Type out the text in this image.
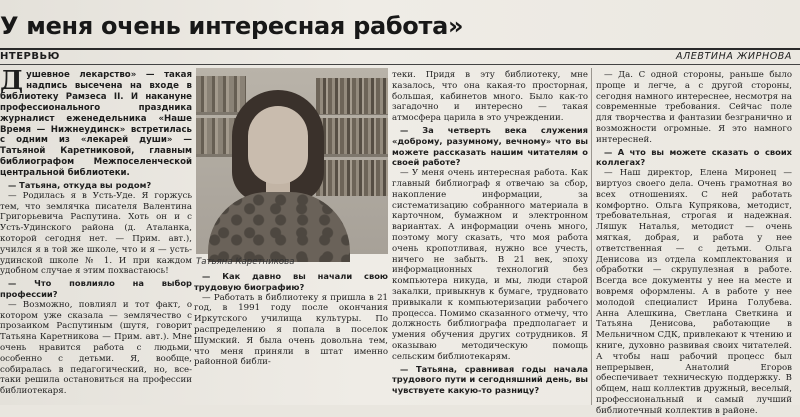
У меня очень интересная работа»
НТЕРВЬЮ	АЛЕВТИНА ЖИРНОВА
Д ушевное лекарство» — такая надпись высечена на входе в библиотеку Рамзеса II. И накануне профессионального праздника журналист еженедельника «Наше Время — Нижнеудинск» встретилась с одним из «лекарей души» — Татьяной Каретниковой, главным библиографом Межпоселенческой центральной библиотеки.

— Татьяна, откуда вы родом?

— Родилась я в Усть-Уде. Я горжусь тем, что землячка писателя Валентина Григорьевича Распутина. Хоть он и с Усть-Удинского района (д. Аталанка, которой сегодня нет. — Прим. авт.), учился я в той же школе, что и я — усть-удинской школе № 1. И при каждом удобном случае я этим похвастаюсь!

— Что повлияло на выбор профессии?

— Возможно, повлиял и тот факт, о котором уже сказала — землячество с прозаиком Распутиным (шутя, говорит Татьяна Каретникова — Прим. авт.). Мне очень нравится работа с людьми, особенно с детьми. Я, вообще, собиралась в педагогический, но, все-таки решила остановиться на профессии библиотекаря.

Татьяна Каретникова

— Как давно вы начали свою трудовую биографию?

— Работать в библиотеку я пришла в 21 год, в 1991 году после окончания Иркутского училища культуры. По распределению я попала в поселок Шумский. Я была очень довольна тем, что меня приняли в штат именно районной библи-

теки. Придя в эту библиотеку, мне казалось, что она какая-то просторная, большая, кабинетов много. Было как-то загадочно и интересно — такая атмосфера царила в это учреждении.

— За четверть века служения «доброму, разумному, вечному» что вы можете рассказать нашим читателям о своей работе?

— У меня очень интересная работа. Как главный библиограф я отвечаю за сбор, накопление информации, за систематизацию собранного материала в карточном, бумажном и электронном вариантах. А информации очень много, поэтому могу сказать, что моя работа очень кропотливая, нужно все учесть, ничего не забыть. В 21 век, эпоху информационных технологий без компьютера никуда, и мы, люди старой закалки, привыкнув к бумаге, трудновато привыкали к компьютеризации рабочего процесса. Помимо сказанного отмечу, что должность библиографа предполагает и умения обучения других сотрудников. Я оказываю методическую помощь сельским библиотекарям.

— Татьяна, сравнивая годы начала трудового пути и сегодняшний день, вы чувствуете какую-то разницу?

— Да. С одной стороны, раньше было проще и легче, а с другой стороны, сегодня намного интереснее, несмотря на современные требования. Сейчас поле для творчества и фантазии безгранично и возможности огромные. Я это намного интересней.

— А что вы можете сказать о своих коллегах?

— Наш директор, Елена Миронец — виртуоз своего дела. Очень грамотная во всех отношениях. С ней работать комфортно. Ольга Купрякова, методист, требовательная, строгая и надежная. Ляшук Наталья, методист — очень мягкая, добрая, и работа у нее ответственная — с детьми. Ольга Денисова из отдела комплектования и обработки — скрупулезная в работе. Всегда все документы у нее на месте и вовремя оформлены. А в работе у нее молодой специалист Ирина Голубева. Анна Алешкина, Светлана Светкина и Татьяна Денисова, работающие в Мельничном СДК, привлекают к чтению и книге, духовно развивая своих читателей. А чтобы наш рабочий процесс был непрерывен, Анатолий Егоров обеспечивает техническую поддержку. В общем, наш коллектив дружный, веселый, профессиональный и самый лучший библиотечный коллектив в районе.
